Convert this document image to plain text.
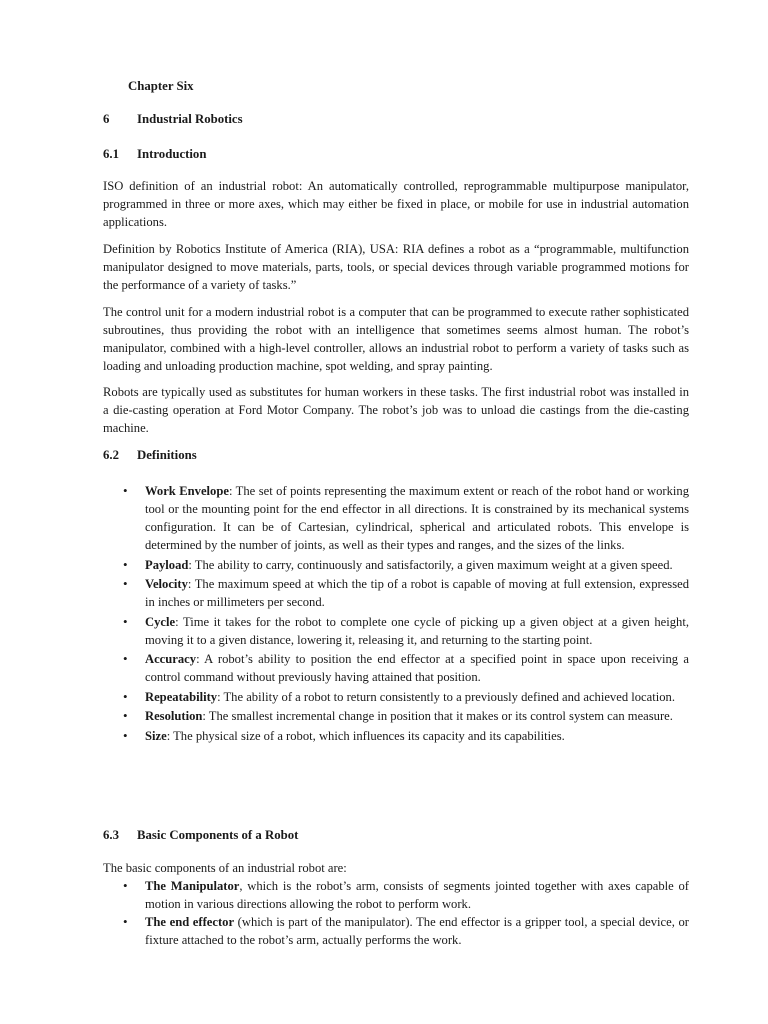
Chapter Six
6 Industrial Robotics
6.1 Introduction

ISO definition of an industrial robot: An automatically controlled, reprogrammable multipurpose manipulator, programmed in three or more axes, which may either be fixed in place, or mobile for use in industrial automation applications.

Definition by Robotics Institute of America (RIA), USA: RIA defines a robot as a “programmable, multifunction manipulator designed to move materials, parts, tools, or special devices through variable programmed motions for the performance of a variety of tasks.”

The control unit for a modern industrial robot is a computer that can be programmed to execute rather sophisticated subroutines, thus providing the robot with an intelligence that sometimes seems almost human. The robot’s manipulator, combined with a high-level controller, allows an industrial robot to perform a variety of tasks such as loading and unloading production machine, spot welding, and spray painting.

Robots are typically used as substitutes for human workers in these tasks. The first industrial robot was installed in a die-casting operation at Ford Motor Company. The robot’s job was to unload die castings from the die-casting machine.

6.2 Definitions
• Work Envelope: The set of points representing the maximum extent or reach of the robot hand or working tool or the mounting point for the end effector in all directions. It is constrained by its mechanical systems configuration. It can be of Cartesian, cylindrical, spherical and articulated robots. This envelope is determined by the number of joints, as well as their types and ranges, and the sizes of the links.
• Payload: The ability to carry, continuously and satisfactorily, a given maximum weight at a given speed.
• Velocity: The maximum speed at which the tip of a robot is capable of moving at full extension, expressed in inches or millimeters per second.
• Cycle: Time it takes for the robot to complete one cycle of picking up a given object at a given height, moving it to a given distance, lowering it, releasing it, and returning to the starting point.
• Accuracy: A robot’s ability to position the end effector at a specified point in space upon receiving a control command without previously having attained that position.
• Repeatability: The ability of a robot to return consistently to a previously defined and achieved location.
• Resolution: The smallest incremental change in position that it makes or its control system can measure.
• Size: The physical size of a robot, which influences its capacity and its capabilities.
6.3 Basic Components of a Robot

The basic components of an industrial robot are:

• The Manipulator, which is the robot’s arm, consists of segments jointed together with axes capable of motion in various directions allowing the robot to perform work.
• The end effector (which is part of the manipulator). The end effector is a gripper tool, a special device, or fixture attached to the robot’s arm, actually performs the work.
